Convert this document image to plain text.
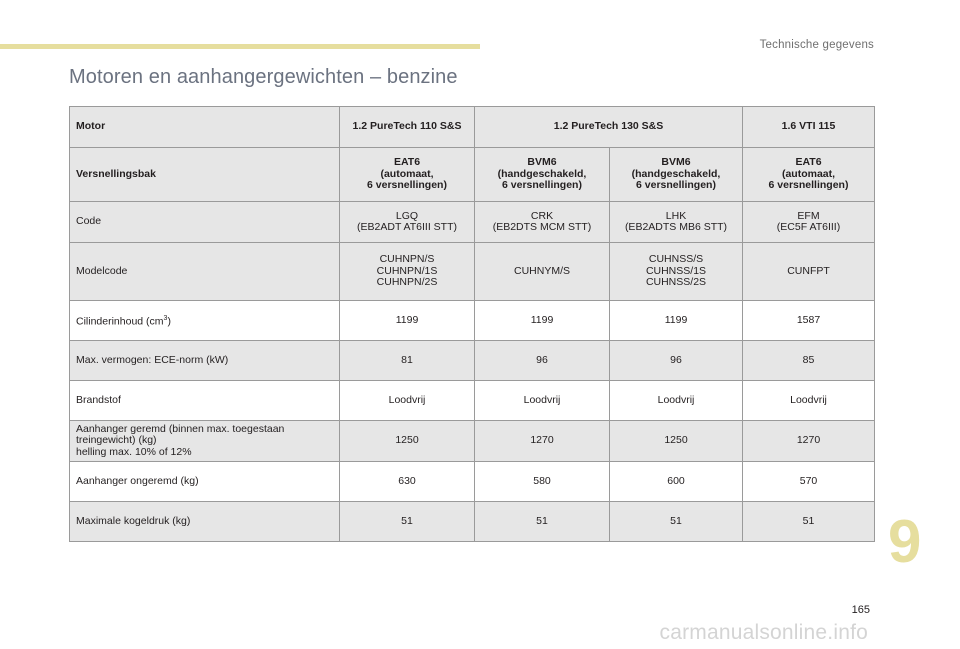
Technische gegevens
Motoren en aanhangergewichten – benzine
Motor	1.2 PureTech 110 S&S	1.2 PureTech 130 S&S		1.6 VTI 115
Versnellingsbak	EAT6
(automaat,
6 versnellingen)	BVM6
(handgeschakeld,
6 versnellingen)	BVM6
(handgeschakeld,
6 versnellingen)	EAT6
(automaat,
6 versnellingen)
Code	LGQ
(EB2ADT AT6III STT)	CRK
(EB2DTS MCM STT)	LHK
(EB2ADTS MB6 STT)	EFM
(EC5F AT6III)
Modelcode	CUHNPN/S
CUHNPN/1S
CUHNPN/2S	CUHNYM/S	CUHNSS/S
CUHNSS/1S
CUHNSS/2S	CUNFPT
Cilinderinhoud $(cm^3)$	1199	1199	1199	1587
Max. vermogen: ECE-norm (kW)	81	96	96	85
Brandstof	Loodvrij	Loodvrij	Loodvrij	Loodvrij
Aanhanger geremd (binnen max. toegestaan
treingewicht) (kg)
helling max. 10% of 12%	1250	1270	1250	1270
Aanhanger ongeremd (kg)	630	580	600	570
Maximale kogeldruk (kg)	51	51	51	51 9
165
carmanualsonline.info
